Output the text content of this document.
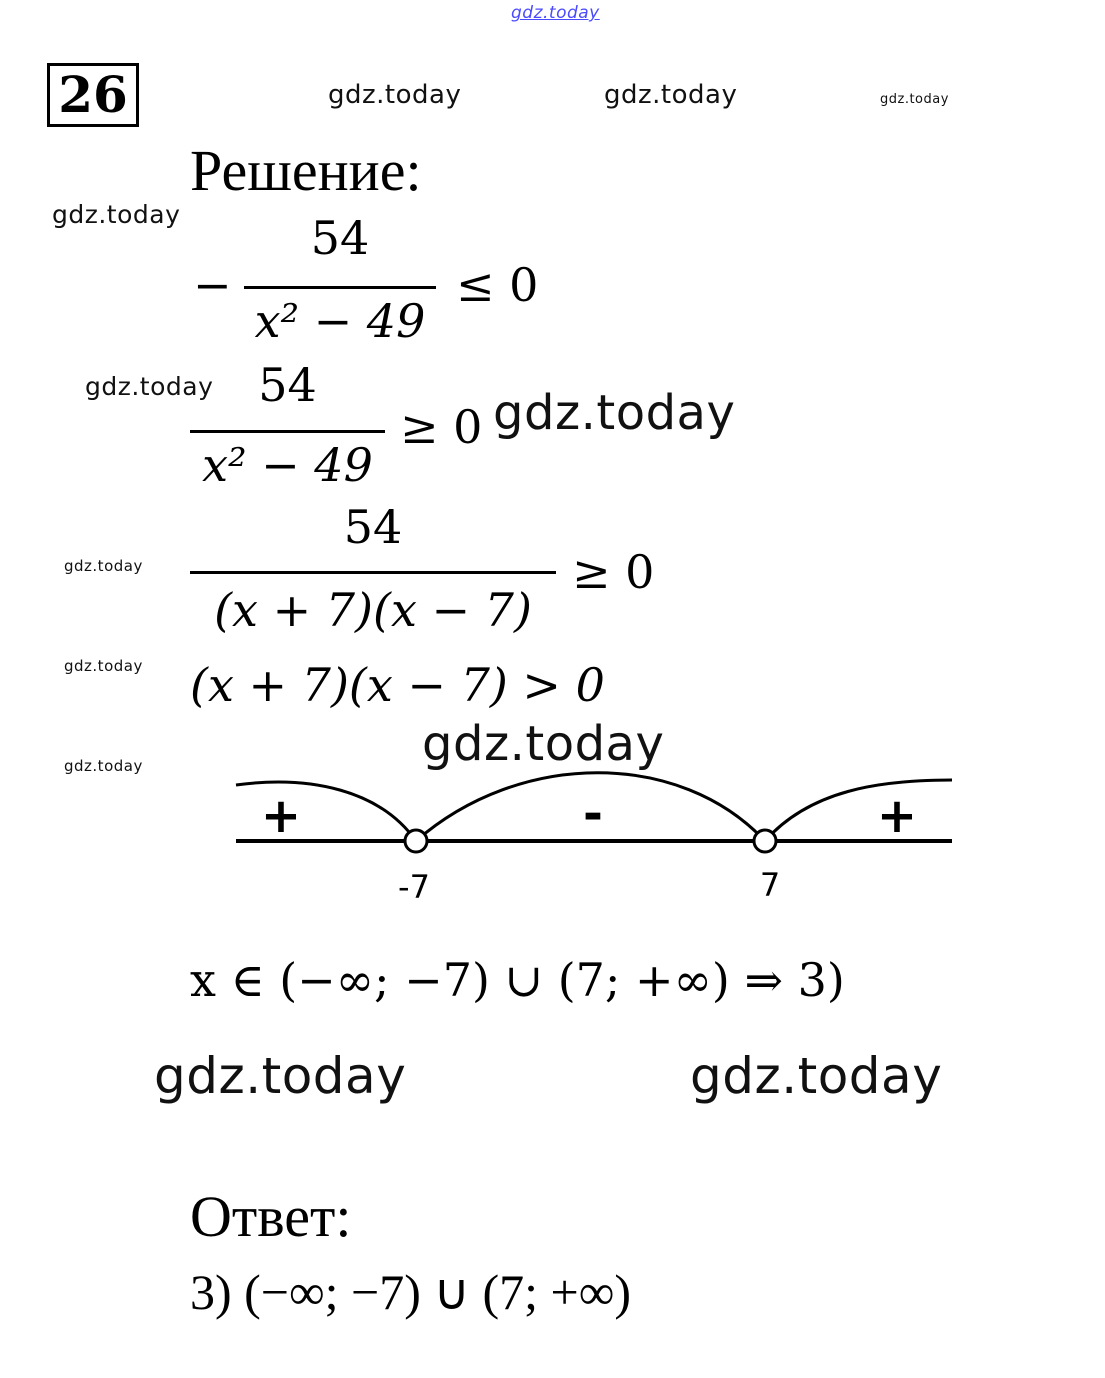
gdz.today
gdz.today	gdz.today	gdz.today
gdz.today
gdz.today	gdz.today
gdz.today
gdz.today
gdz.today
gdz.today
gdz.today	gdz.today
26
Решение:
−
54
x² − 49
≤ 0
54
x² − 49
≥ 0
54
(x + 7)(x − 7)
≥ 0
(x + 7)(x − 7) > 0
+	-	+
-7	7
x ∈ (−∞; −7) ∪ (7; +∞) ⇒ 3)
Ответ:
3) (−∞; −7) ∪ (7; +∞)
